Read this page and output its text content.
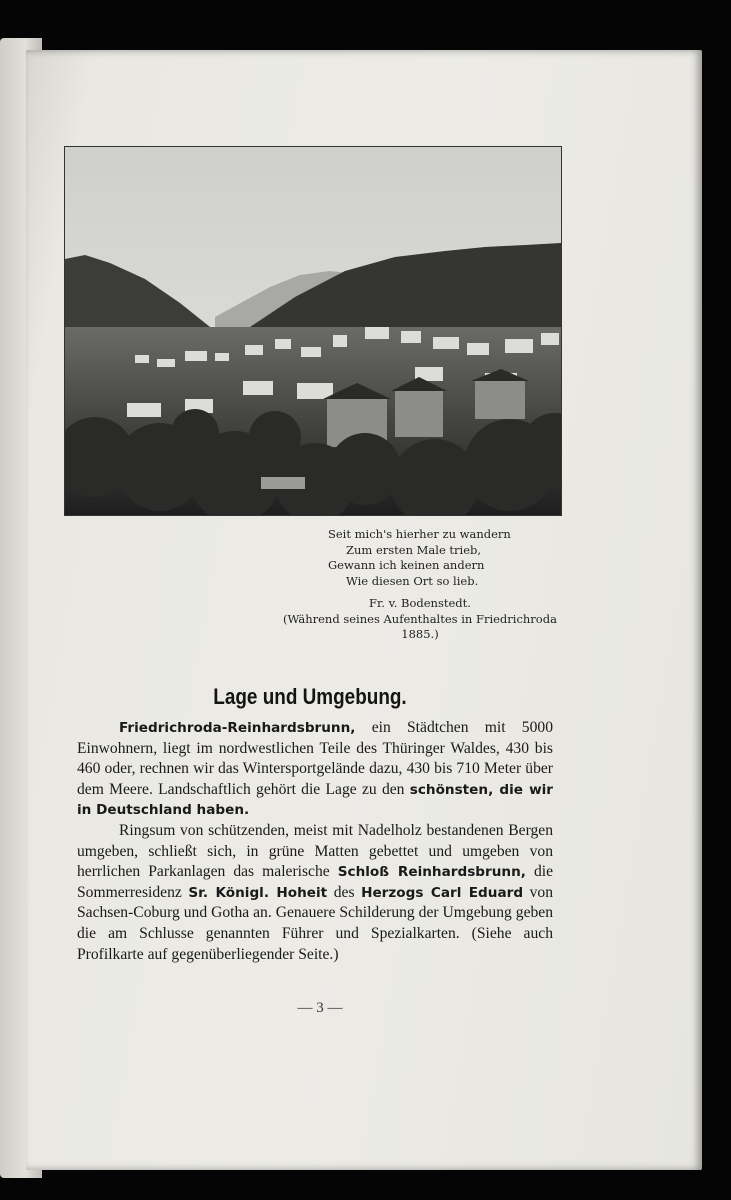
Seit mich's hierher zu wandern
Zum ersten Male trieb,
Gewann ich keinen andern
Wie diesen Ort so lieb.
Fr. v. Bodenstedt.
(Während seines Aufenthaltes in Friedrichroda
1885.)
Lage und Umgebung.

Friedrichroda-Reinhardsbrunn, ein Städtchen mit 5000 Einwohnern, liegt im nordwestlichen Teile des Thüringer Waldes, 430 bis 460 oder, rechnen wir das Wintersportgelände dazu, 430 bis 710 Meter über dem Meere. Landschaftlich gehört die Lage zu den schönsten, die wir in Deutschland haben.

Ringsum von schützenden, meist mit Nadelholz bestandenen Bergen umgeben, schließt sich, in grüne Matten gebettet und umgeben von herrlichen Parkanlagen das malerische Schloß Reinhardsbrunn, die Sommerresidenz Sr. Königl. Hoheit des Herzogs Carl Eduard von Sachsen-Coburg und Gotha an. Genauere Schilderung der Umgebung geben die am Schlusse genannten Führer und Spezialkarten. (Siehe auch Profilkarte auf gegenüberliegender Seite.)

— 3 —
